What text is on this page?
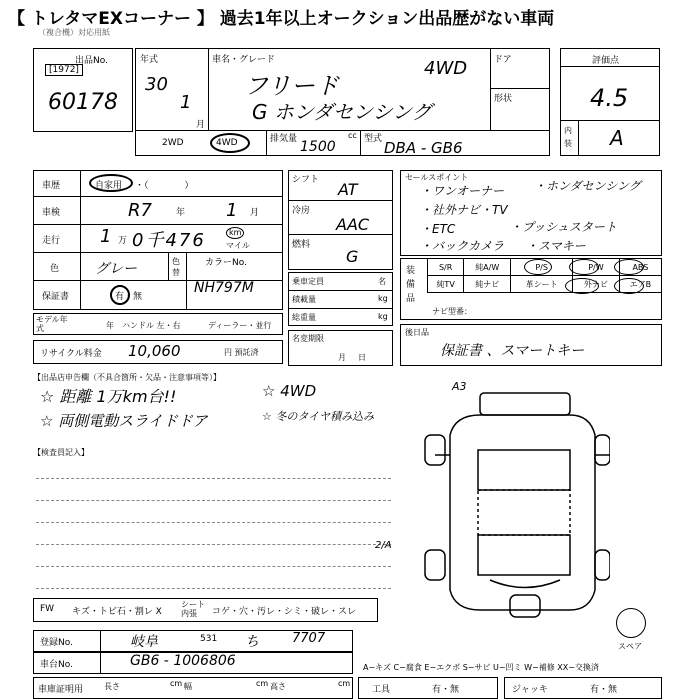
【 トレタマEXコーナー 】 過去1年以上オークション出品歴がない車両
（複合機）対応用紙
出品No.
[1972]
60178
年式
30
1
月
車名・グレード
フリード
4WD
G ホンダセンシング
ドア
形状
2WD	4WD	排気量 1500
cc 型式 DBA - GB6
評価点
4.5
内装 A
車歴	自家用 ・（　　　　）
車検	R7	年 1 月
走行 1 万 0千476	km
マイル
色	グレー	色替
カラーNo.
保証書	有・無
NH797M
モデル年式	年 ハンドル 左・右	ディーラー・並行
リサイクル料金 10,060	円 預託済
シフト AT
冷房
AAC
燃料
G
乗車定員	名
積載量	kg
総重量	kg
名変期限
月日
セールスポイント
・ワンオーナー ・ホンダセンシング
・社外ナビ・TV
・ETC	・プッシュスタート
・バックカメラ ・スマキー
装備品
S/R	純A/W	P/S	P/W	ABS
純TV	純ナビ	革シート	外ナビ	エアB
ナビ型番：
後日品
保証書 、スマートキー
【出品店申告欄（不具合箇所・欠品・注意事項等）】
☆ 距離 1万km台!!	☆ 4WD
☆ 両側電動スライドドア	☆ 冬のタイヤ積み込み
【検査員記入】
A3
2/A
スペア
FW キズ・トビ石・割レ X
シート内張	コゲ・穴・汚レ・シミ・破レ・スレ
登録No.	岐阜	531 ち	7707
車台No.	GB6 - 1006806	A−キズ C−腐食 E−エクボ S−サビ U−凹ミ W−補修 XX−交換済
車庫証明用	長さ	cm 幅	cm 高さ	cm
工具	有・無	ジャッキ	有・無
